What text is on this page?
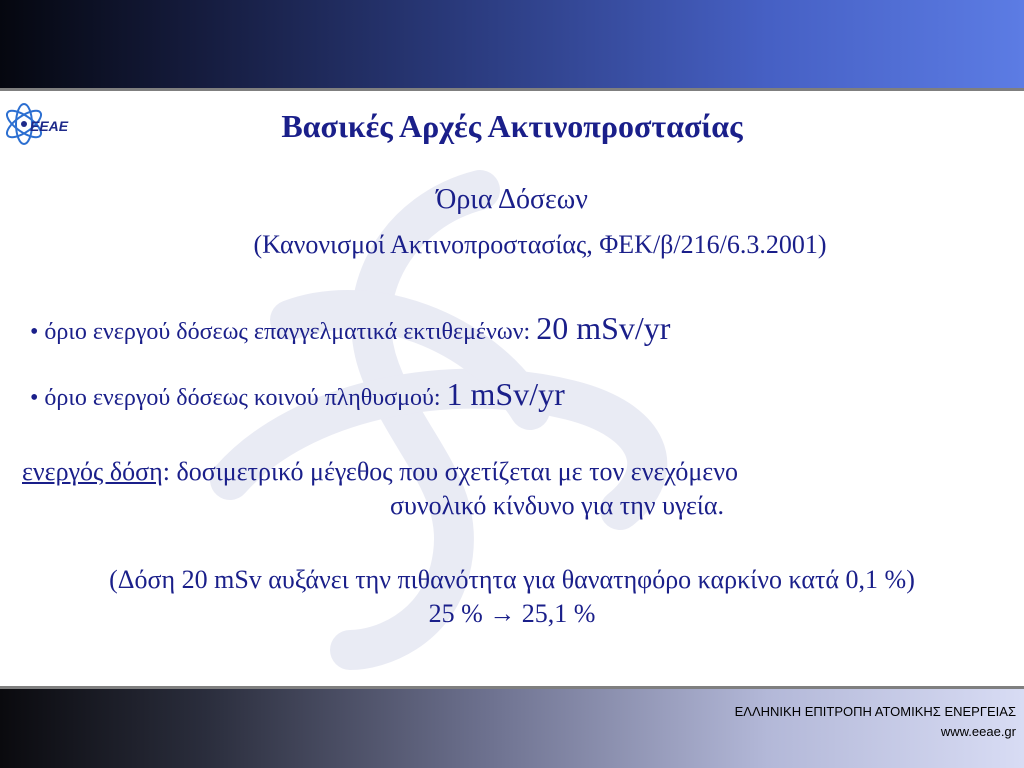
ΕΕΑΕ	Βασικές Αρχές Ακτινοπροστασίας
Όρια Δόσεων
(Κανονισμοί Ακτινοπροστασίας, ΦΕΚ/β/216/6.3.2001)
• όριο ενεργού δόσεως επαγγελματικά εκτιθεμένων: 20 mSv/yr
• όριο ενεργού δόσεως κοινού πληθυσμού: 1 mSv/yr
ενεργός δόση: δοσιμετρικό μέγεθος που σχετίζεται με τον ενεχόμενο
συνολικό κίνδυνο για την υγεία.
(Δόση 20 mSv αυξάνει την πιθανότητα για θανατηφόρο καρκίνο κατά 0,1 %)
25 % → 25,1 %
ΕΛΛΗΝΙΚΗ ΕΠΙΤΡΟΠΗ ΑΤΟΜΙΚΗΣ ΕΝΕΡΓΕΙΑΣ
www.eeae.gr
